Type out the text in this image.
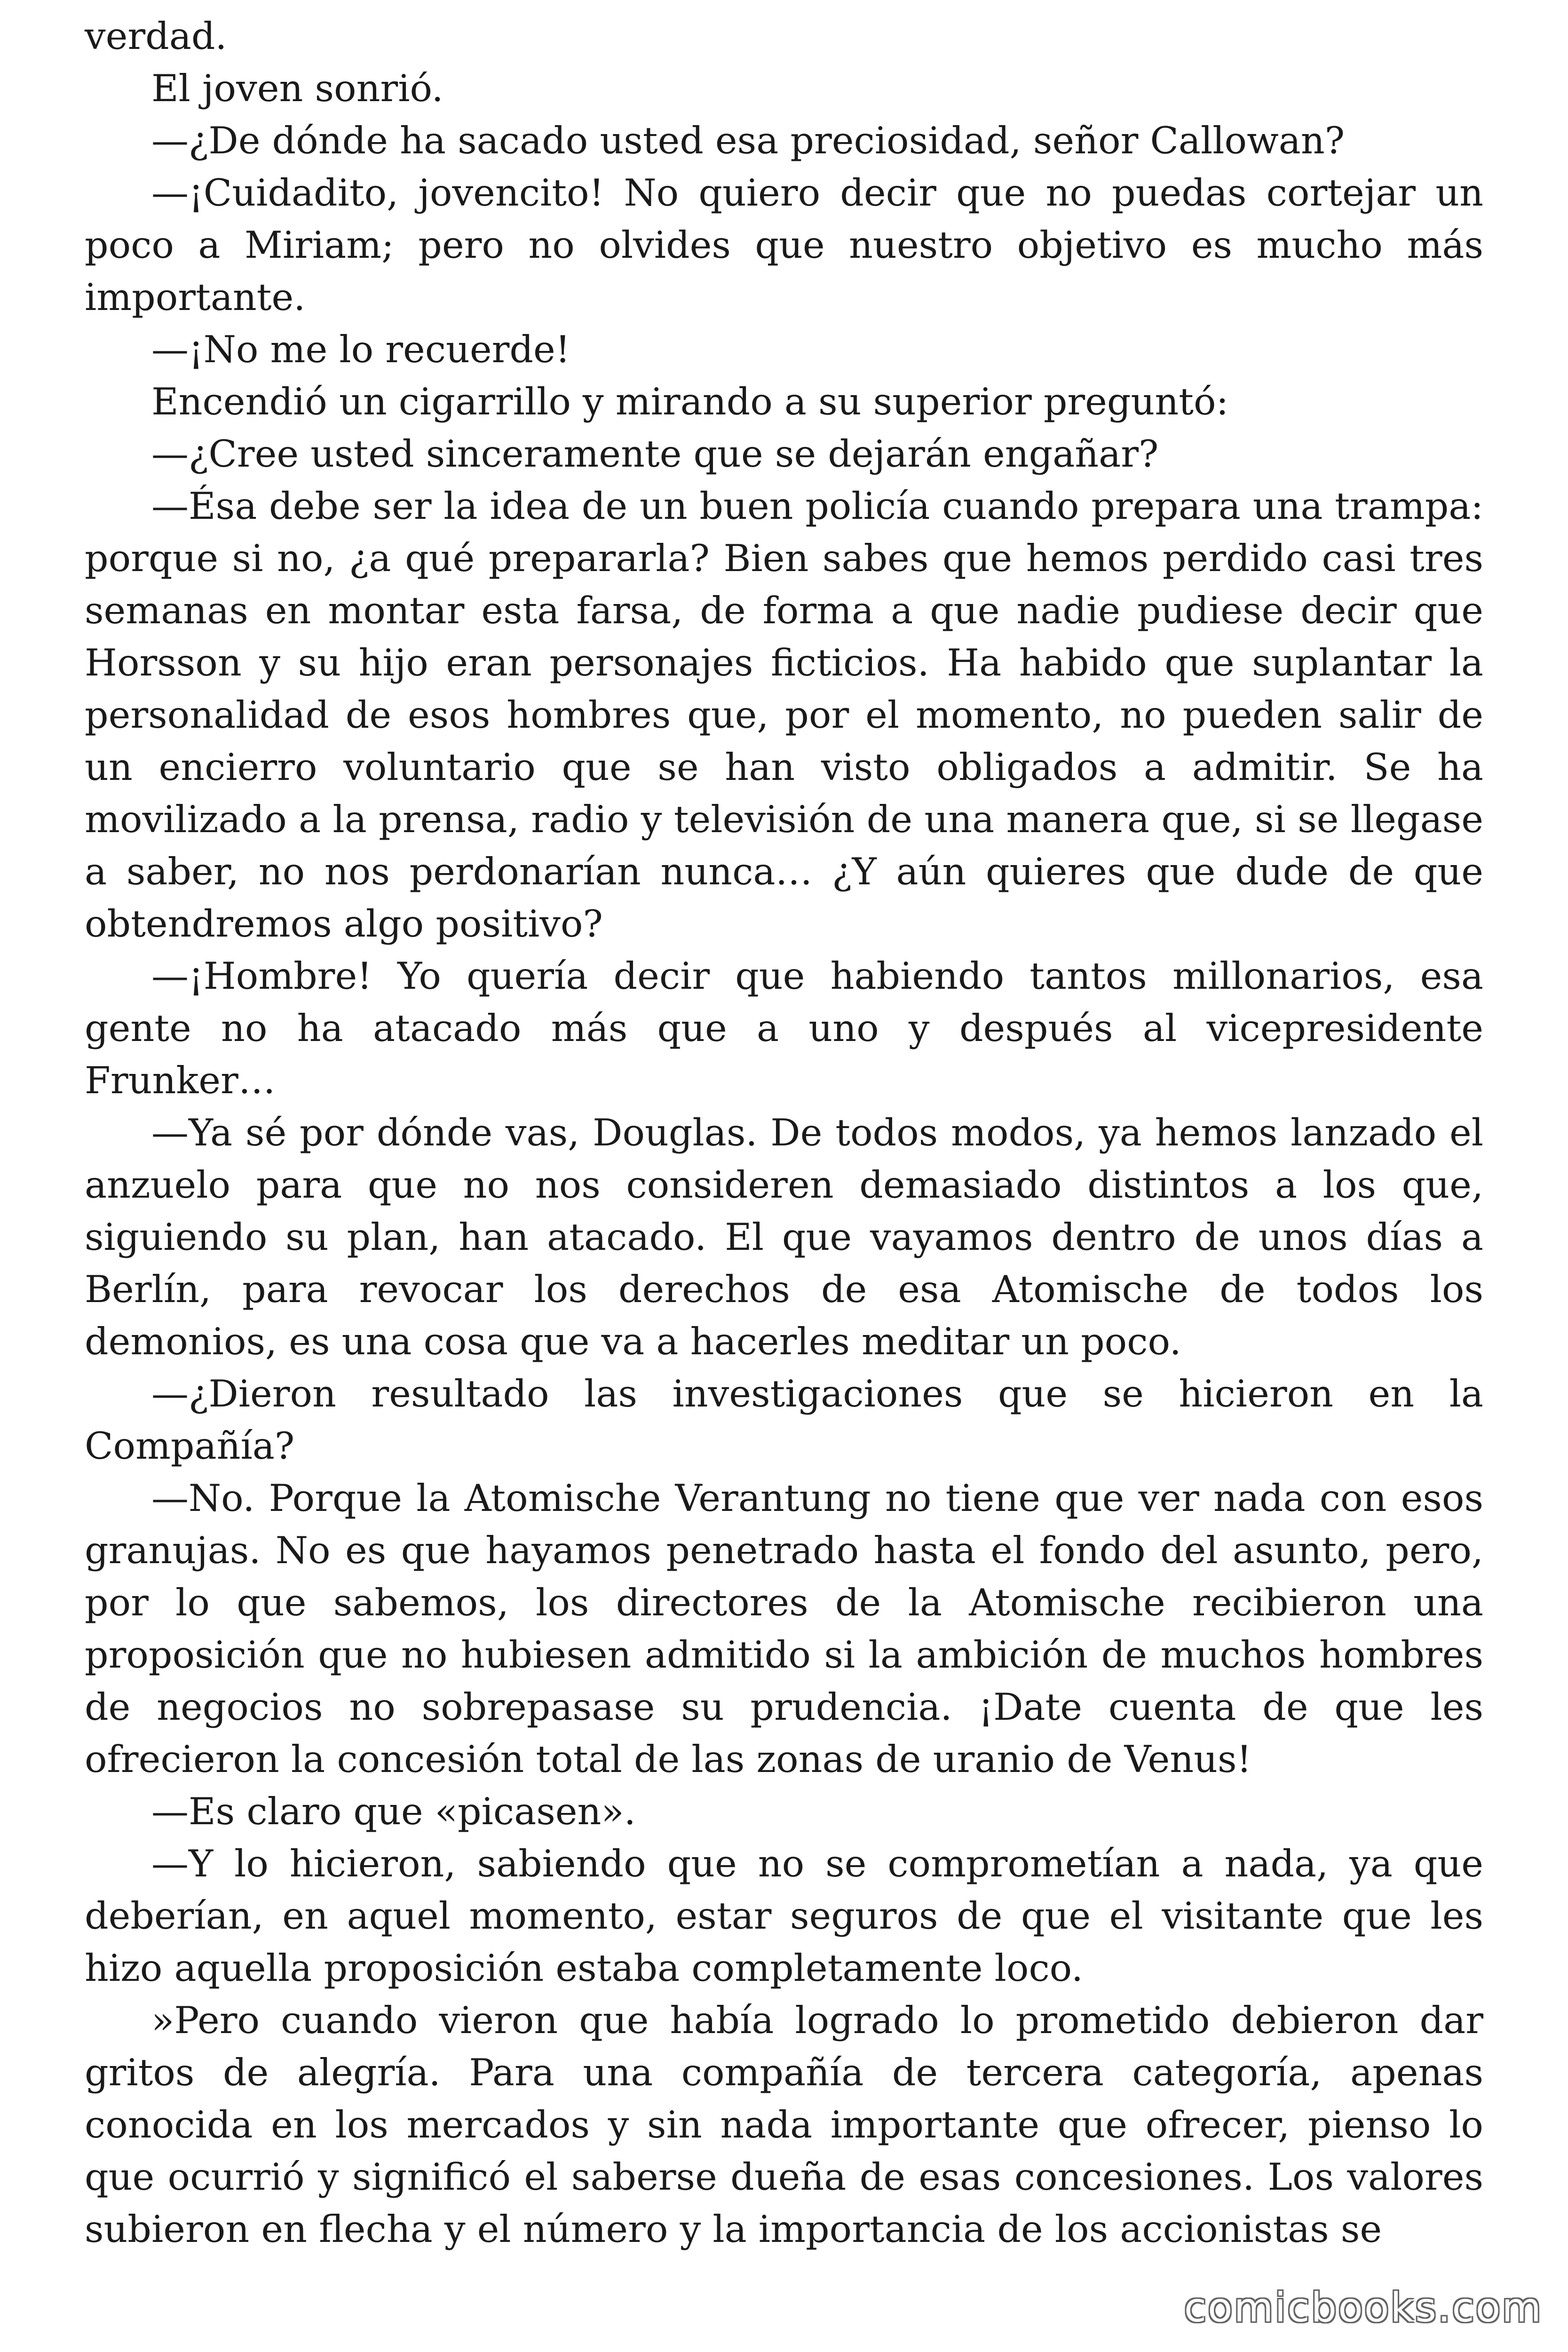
verdad.

El joven sonrió.

—¿De dónde ha sacado usted esa preciosidad, señor Callowan?

—¡Cuidadito, jovencito! No quiero decir que no puedas cortejar un poco a Miriam; pero no olvides que nuestro objetivo es mucho más importante.

—¡No me lo recuerde!

Encendió un cigarrillo y mirando a su superior preguntó:

—¿Cree usted sinceramente que se dejarán engañar?

—Ésa debe ser la idea de un buen policía cuando prepara una trampa: porque si no, ¿a qué prepararla? Bien sabes que hemos perdido casi tres semanas en montar esta farsa, de forma a que nadie pudiese decir que Horsson y su hijo eran personajes ficticios. Ha habido que suplantar la personalidad de esos hombres que, por el momento, no pueden salir de un encierro voluntario que se han visto obligados a admitir. Se ha movilizado a la prensa, radio y televisión de una manera que, si se llegase a saber, no nos perdonarían nunca… ¿Y aún quieres que dude de que obtendremos algo positivo?

—¡Hombre! Yo quería decir que habiendo tantos millonarios, esa gente no ha atacado más que a uno y después al vicepresidente Frunker…

—Ya sé por dónde vas, Douglas. De todos modos, ya hemos lanzado el anzuelo para que no nos consideren demasiado distintos a los que, siguiendo su plan, han atacado. El que vayamos dentro de unos días a Berlín, para revocar los derechos de esa Atomische de todos los demonios, es una cosa que va a hacerles meditar un poco.

—¿Dieron resultado las investigaciones que se hicieron en la Compañía?

—No. Porque la Atomische Verantung no tiene que ver nada con esos granujas. No es que hayamos penetrado hasta el fondo del asunto, pero, por lo que sabemos, los directores de la Atomische recibieron una proposición que no hubiesen admitido si la ambición de muchos hombres de negocios no sobrepasase su prudencia. ¡Date cuenta de que les ofrecieron la concesión total de las zonas de uranio de Venus!

—Es claro que «picasen».

—Y lo hicieron, sabiendo que no se comprometían a nada, ya que deberían, en aquel momento, estar seguros de que el visitante que les hizo aquella proposición estaba completamente loco.

»Pero cuando vieron que había logrado lo prometido debieron dar gritos de alegría. Para una compañía de tercera categoría, apenas conocida en los mercados y sin nada importante que ofrecer, pienso lo que ocurrió y significó el saberse dueña de esas concesiones. Los valores subieron en flecha y el número y la importancia de los accionistas se

comicbooks.com
